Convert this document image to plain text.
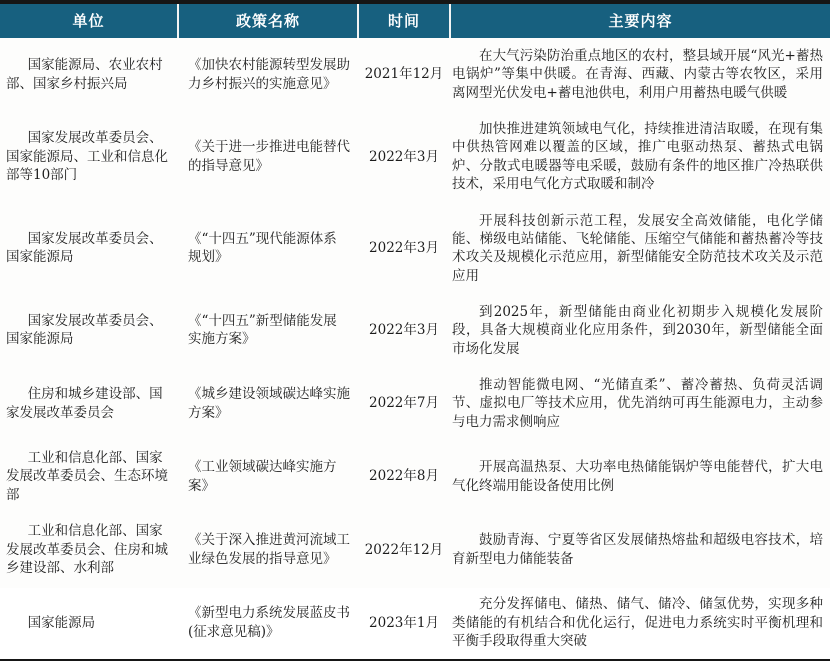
单位	政策名称	时间	主要内容
国家能源局、农业农村部、国家乡村振兴局	《加快农村能源转型发展助力乡村振兴的实施意见》	2021年12月	在大气污染防治重点地区的农村，整县域开展“风光+蓄热电锅炉”等集中供暖。在青海、西藏、内蒙古等农牧区，采用离网型光伏发电+蓄电池供电，利用户用蓄热电暖气供暖
国家发展改革委员会、国家能源局、工业和信息化部等10部门	《关于进一步推进电能替代的指导意见》	2022年3月	加快推进建筑领域电气化，持续推进清洁取暖，在现有集中供热管网难以覆盖的区域，推广电驱动热泵、蓄热式电锅炉、分散式电暖器等电采暖，鼓励有条件的地区推广冷热联供技术，采用电气化方式取暖和制冷
国家发展改革委员会、国家能源局	《“十四五”现代能源体系规划》	2022年3月	开展科技创新示范工程，发展安全高效储能，电化学储能、梯级电站储能、飞轮储能、压缩空气储能和蓄热蓄冷等技术攻关及规模化示范应用，新型储能安全防范技术攻关及示范应用
国家发展改革委员会、国家能源局	《“十四五”新型储能发展实施方案》	2022年3月	到2025年，新型储能由商业化初期步入规模化发展阶段，具备大规模商业化应用条件，到2030年，新型储能全面市场化发展
住房和城乡建设部、国家发展改革委员会	《城乡建设领域碳达峰实施方案》	2022年7月	推动智能微电网、“光储直柔”、蓄冷蓄热、负荷灵活调节、虚拟电厂等技术应用，优先消纳可再生能源电力，主动参与电力需求侧响应
工业和信息化部、国家发展改革委员会、生态环境部	《工业领域碳达峰实施方案》	2022年8月	开展高温热泵、大功率电热储能锅炉等电能替代，扩大电气化终端用能设备使用比例
工业和信息化部、国家发展改革委员会、住房和城乡建设部、水利部	《关于深入推进黄河流域工业绿色发展的指导意见》	2022年12月	鼓励青海、宁夏等省区发展储热熔盐和超级电容技术，培育新型电力储能装备
国家能源局	《新型电力系统发展蓝皮书(征求意见稿)》	2023年1月	充分发挥储电、储热、储气、储冷、储氢优势，实现多种类储能的有机结合和优化运行，促进电力系统实时平衡机理和平衡手段取得重大突破
